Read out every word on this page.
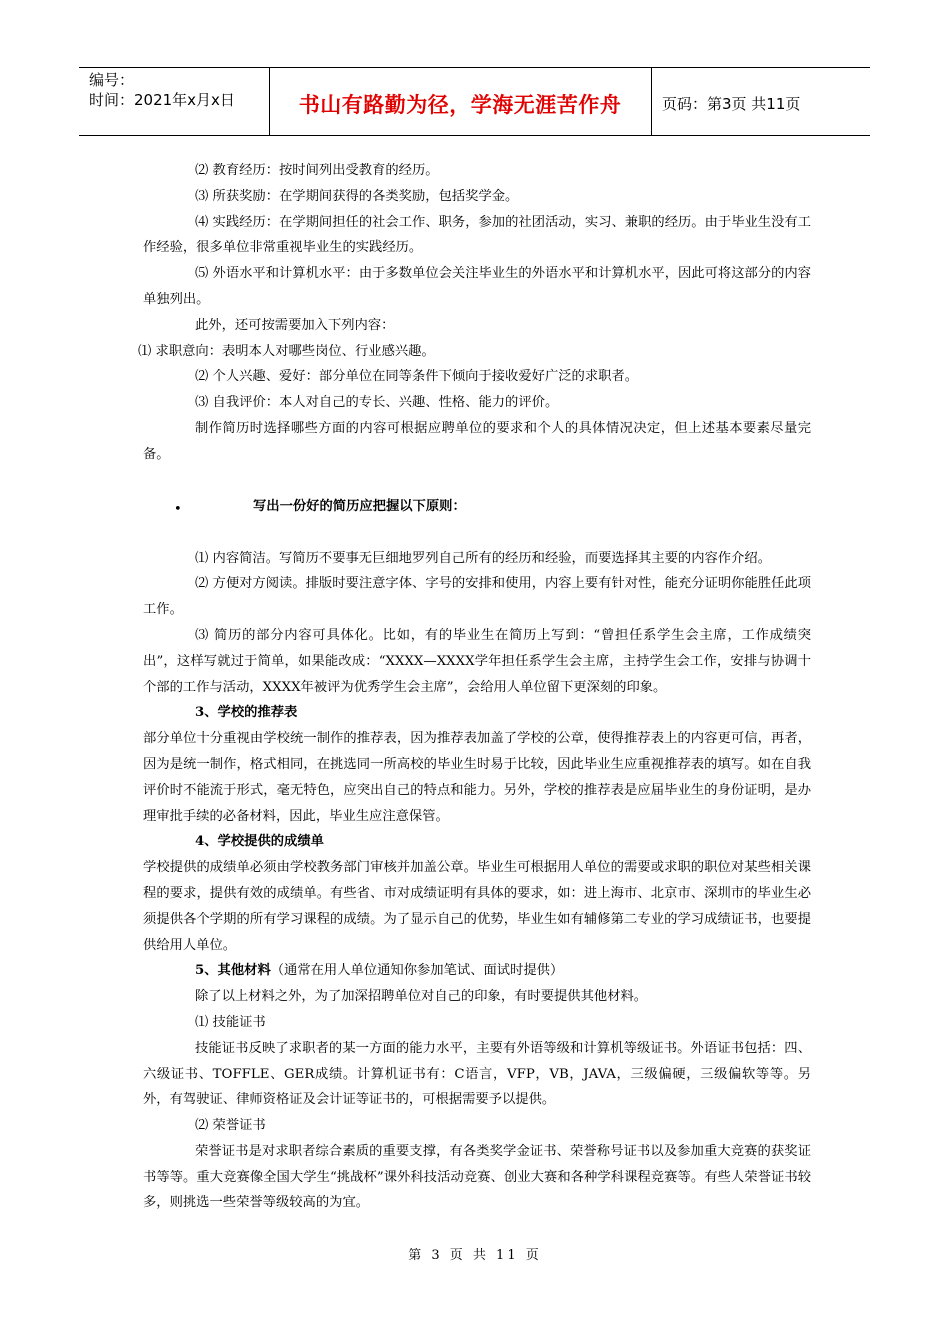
编号：
时间：2021年x月x日	书山有路勤为径，学海无涯苦作舟	页码：第3页 共11页

⑵ 教育经历：按时间列出受教育的经历。

⑶ 所获奖励：在学期间获得的各类奖励，包括奖学金。

⑷ 实践经历：在学期间担任的社会工作、职务，参加的社团活动，实习、兼职的经历。由于毕业生没有工作经验，很多单位非常重视毕业生的实践经历。

⑸ 外语水平和计算机水平：由于多数单位会关注毕业生的外语水平和计算机水平，因此可将这部分的内容单独列出。

此外，还可按需要加入下列内容：

⑴ 求职意向：表明本人对哪些岗位、行业感兴趣。

⑵ 个人兴趣、爱好：部分单位在同等条件下倾向于接收爱好广泛的求职者。

⑶ 自我评价：本人对自己的专长、兴趣、性格、能力的评价。

制作简历时选择哪些方面的内容可根据应聘单位的要求和个人的具体情况决定，但上述基本要素尽量完备。

•	写出一份好的简历应把握以下原则：

⑴ 内容简洁。写简历不要事无巨细地罗列自己所有的经历和经验，而要选择其主要的内容作介绍。

⑵ 方便对方阅读。排版时要注意字体、字号的安排和使用，内容上要有针对性，能充分证明你能胜任此项工作。

⑶ 简历的部分内容可具体化。比如，有的毕业生在简历上写到：“曾担任系学生会主席，工作成绩突出”，这样写就过于简单，如果能改成：“XXXX—XXXX学年担任系学生会主席，主持学生会工作，安排与协调十个部的工作与活动，XXXX年被评为优秀学生会主席”，会给用人单位留下更深刻的印象。

3、学校的推荐表

部分单位十分重视由学校统一制作的推荐表，因为推荐表加盖了学校的公章，使得推荐表上的内容更可信，再者，因为是统一制作，格式相同，在挑选同一所高校的毕业生时易于比较，因此毕业生应重视推荐表的填写。如在自我评价时不能流于形式，毫无特色，应突出自己的特点和能力。另外，学校的推荐表是应届毕业生的身份证明，是办理审批手续的必备材料，因此，毕业生应注意保管。

4、学校提供的成绩单

学校提供的成绩单必须由学校教务部门审核并加盖公章。毕业生可根据用人单位的需要或求职的职位对某些相关课程的要求，提供有效的成绩单。有些省、市对成绩证明有具体的要求，如：进上海市、北京市、深圳市的毕业生必须提供各个学期的所有学习课程的成绩。为了显示自己的优势，毕业生如有辅修第二专业的学习成绩证书，也要提供给用人单位。

5、其他材料（通常在用人单位通知你参加笔试、面试时提供）

除了以上材料之外，为了加深招聘单位对自己的印象，有时要提供其他材料。

⑴ 技能证书

技能证书反映了求职者的某一方面的能力水平，主要有外语等级和计算机等级证书。外语证书包括：四、六级证书、TOFFLE、GER成绩。计算机证书有：C语言，VFP，VB，JAVA，三级偏硬，三级偏软等等。另外，有驾驶证、律师资格证及会计证等证书的，可根据需要予以提供。

⑵ 荣誉证书

荣誉证书是对求职者综合素质的重要支撑，有各类奖学金证书、荣誉称号证书以及参加重大竞赛的获奖证书等等。重大竞赛像全国大学生“挑战杯”课外科技活动竞赛、创业大赛和各种学科课程竞赛等。有些人荣誉证书较多，则挑选一些荣誉等级较高的为宜。

第 3 页 共 11 页
